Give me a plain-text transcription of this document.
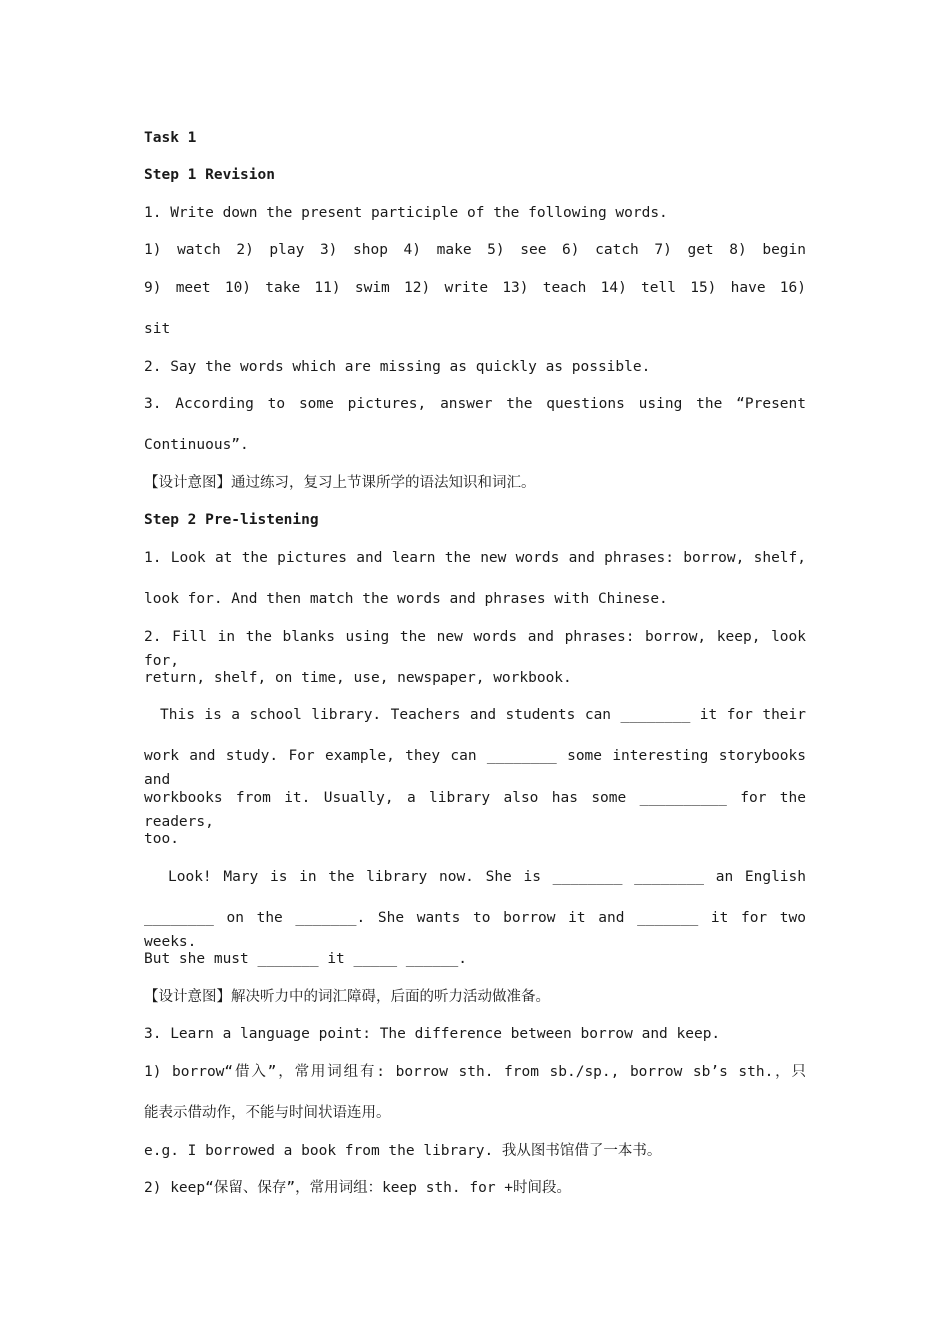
Task 1
Step 1 Revision
1. Write down the present participle of the following words.
1) watch 2) play 3) shop 4) make 5) see 6) catch 7) get 8) begin
9) meet 10) take 11) swim 12) write 13) teach 14) tell 15) have 16)
sit
2. Say the words which are missing as quickly as possible.
3. According to some pictures, answer the questions using the “Present
Continuous”.
【设计意图】通过练习，复习上节课所学的语法知识和词汇。
Step 2 Pre-listening
1. Look at the pictures and learn the new words and phrases: borrow, shelf,
look for. And then match the words and phrases with Chinese.
2. Fill in the blanks using the new words and phrases: borrow, keep, look for,
return, shelf, on time, use, newspaper, workbook.
This is a school library. Teachers and students can ________ it for their
work and study. For example, they can ________ some interesting storybooks and
workbooks from it. Usually, a library also has some __________ for the readers,
too.
Look! Mary is in the library now. She is ________ ________ an English
________ on the _______. She wants to borrow it and _______ it for two weeks.
But she must _______ it _____ ______.
【设计意图】解决听力中的词汇障碍，后面的听力活动做准备。
3. Learn a language point: The difference between borrow and keep.
1) borrow“借入”，常用词组有: borrow sth. from sb./sp., borrow sb’s sth.，只
能表示借动作，不能与时间状语连用。
e.g. I borrowed a book from the library. 我从图书馆借了一本书。
2) keep“保留、保存”，常用词组：keep sth. for +时间段。
